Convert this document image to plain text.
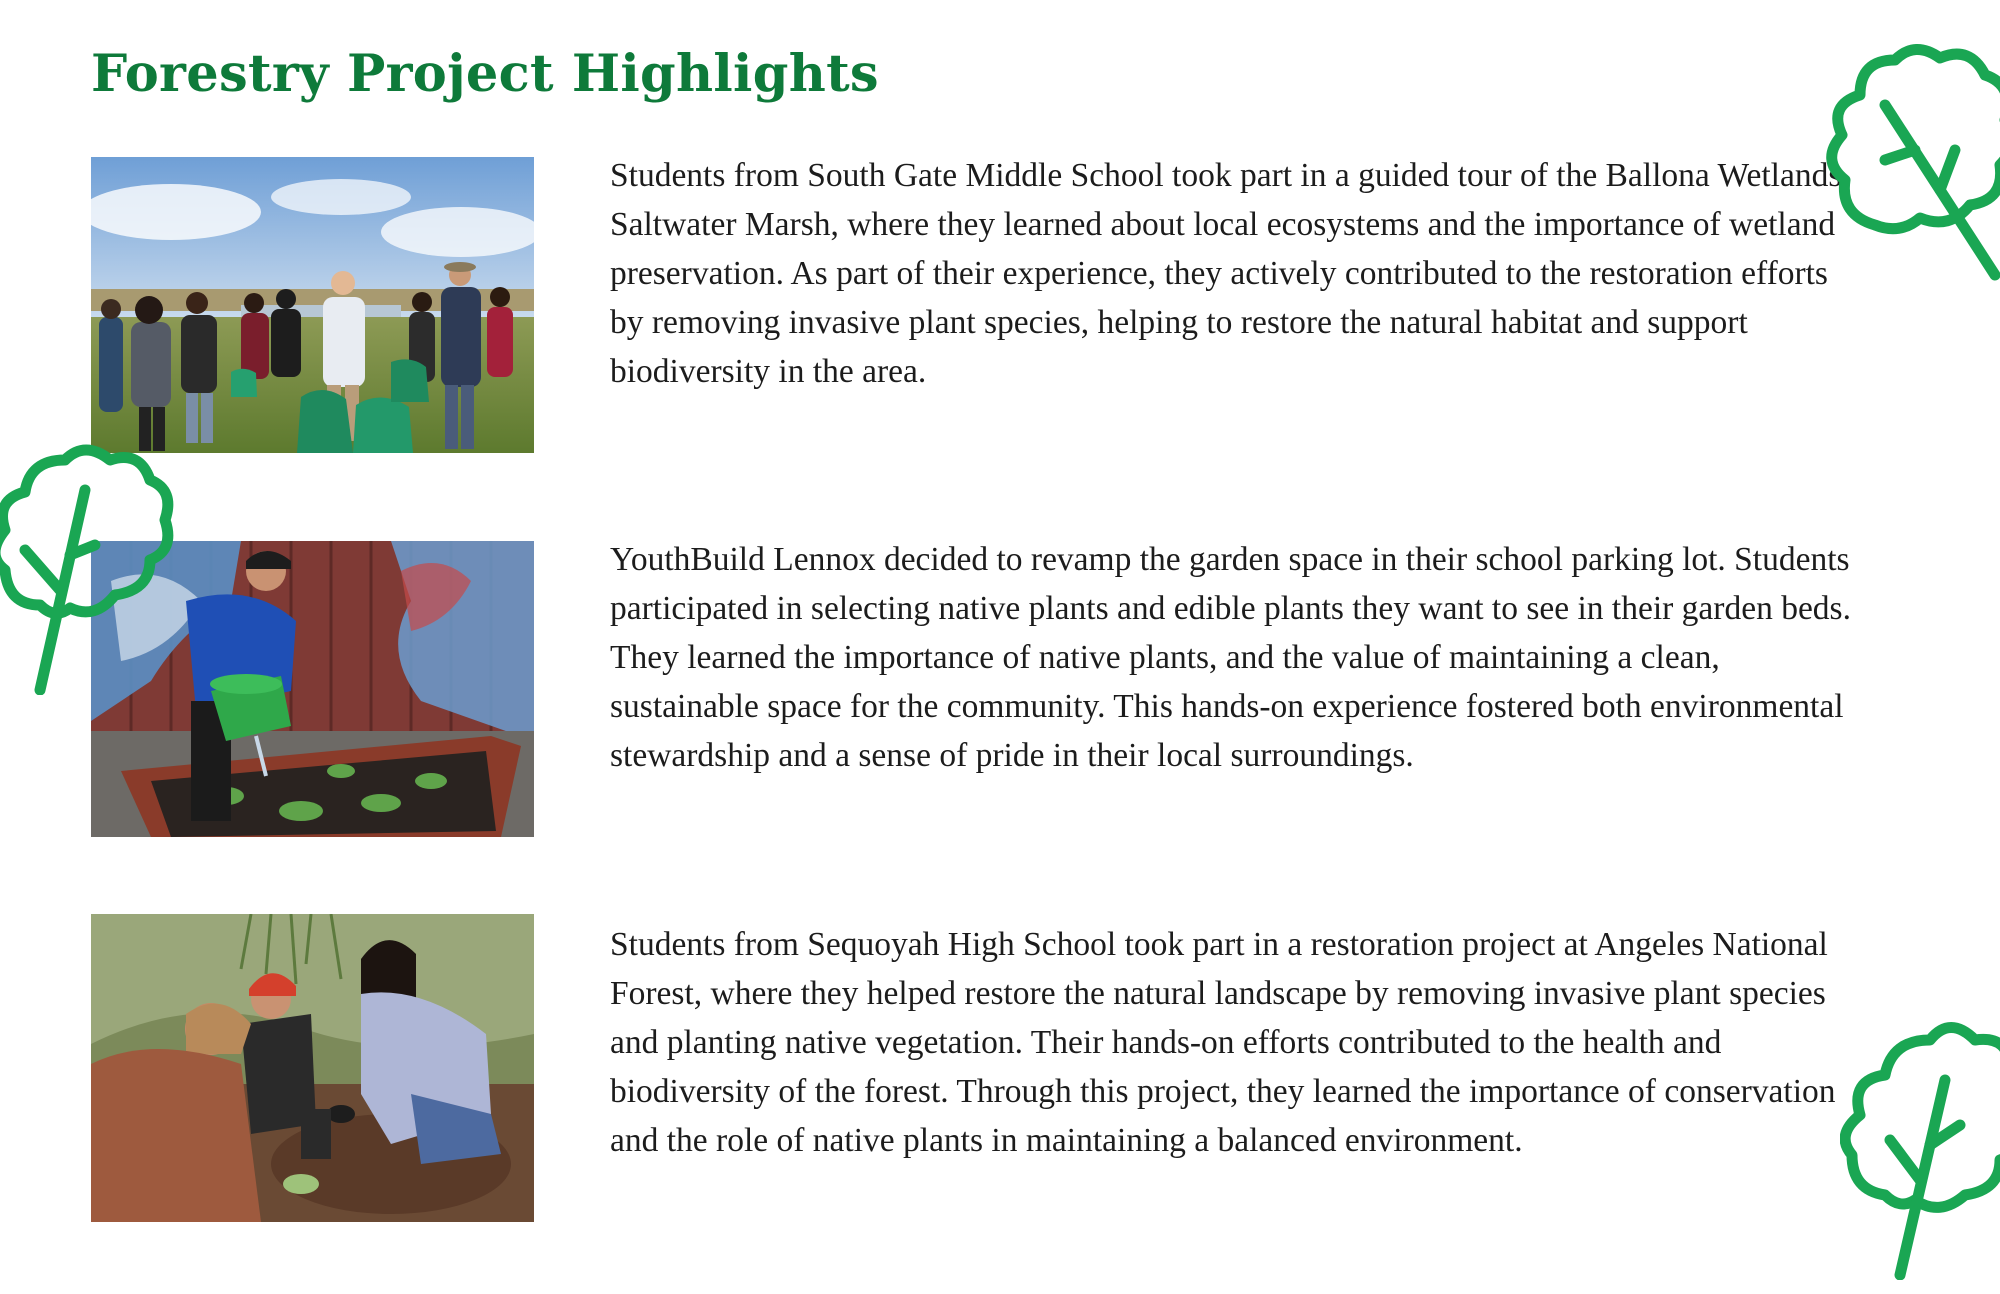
Forestry Project Highlights

Students from South Gate Middle School took part in a guided tour of the Ballona Wetlands Saltwater Marsh, where they learned about local ecosystems and the importance of wetland preservation. As part of their experience, they actively contributed to the restoration efforts by removing invasive plant species, helping to restore the natural habitat and support biodiversity in the area.

YouthBuild Lennox decided to revamp the garden space in their school parking lot. Students participated in selecting native plants and edible plants they want to see in their garden beds. They learned the importance of native plants, and the value of maintaining a clean, sustainable space for the community. This hands-on experience fostered both environmental stewardship and a sense of pride in their local surroundings.

Students from Sequoyah High School took part in a restoration project at Angeles National Forest, where they helped restore the natural landscape by removing invasive plant species and planting native vegetation. Their hands-on efforts contributed to the health and biodiversity of the forest. Through this project, they learned the importance of conservation and the role of native plants in maintaining a balanced environment.
